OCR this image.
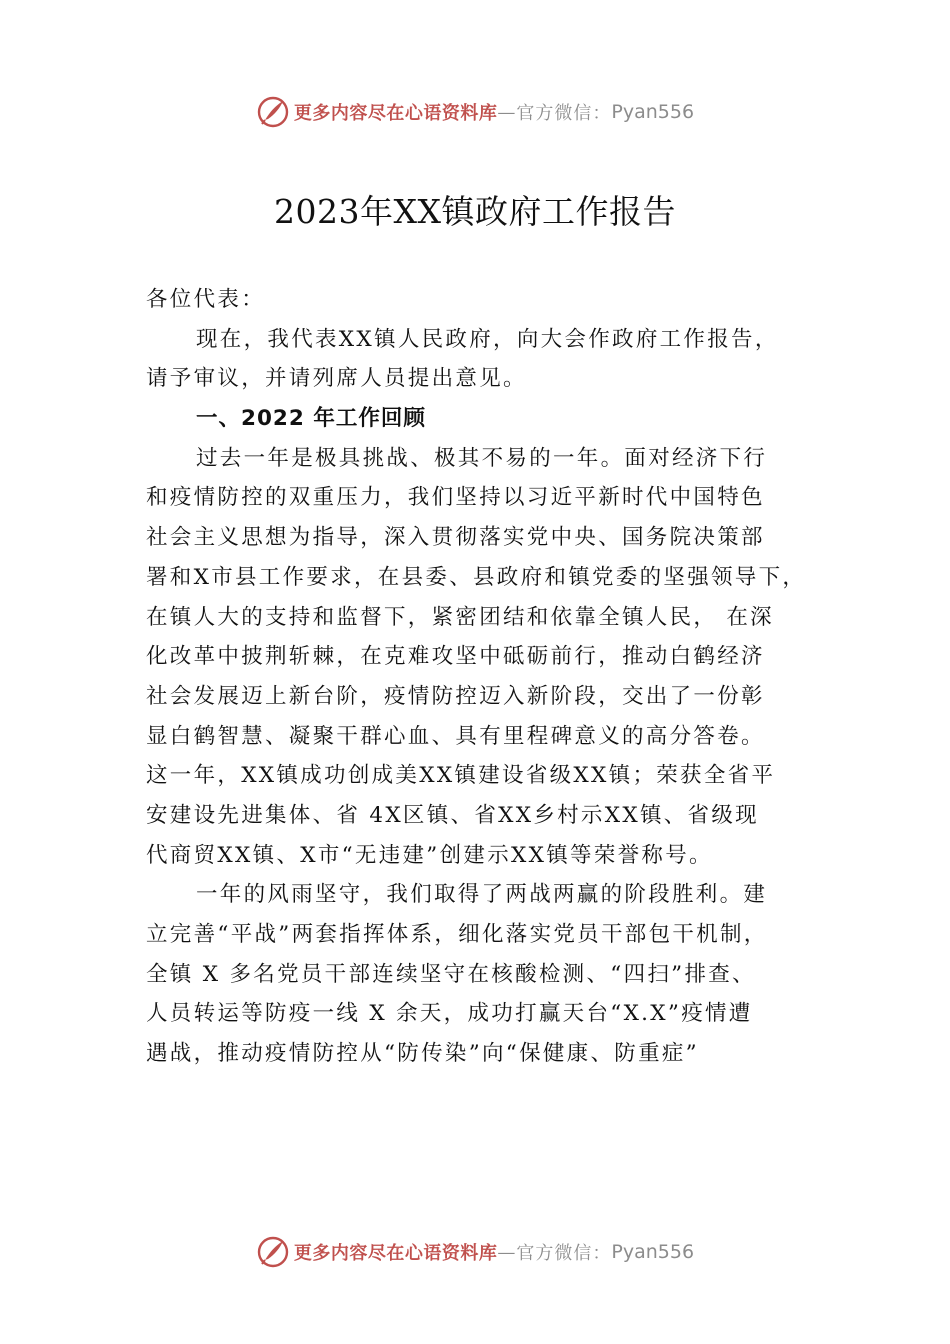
更多内容尽在心语资料库 — 官方微信： Pyan556
2023年XX镇政府工作报告
各位代表：
现在，我代表XX镇人民政府，向大会作政府工作报告，
请予审议，并请列席人员提出意见。
一、2022 年工作回顾
过去一年是极具挑战、极其不易的一年。面对经济下行
和疫情防控的双重压力，我们坚持以习近平新时代中国特色
社会主义思想为指导，深入贯彻落实党中央、国务院决策部
署和X市县工作要求，在县委、县政府和镇党委的坚强领导下，
在镇人大的支持和监督下，紧密团结和依靠全镇人民， 在深
化改革中披荆斩棘，在克难攻坚中砥砺前行，推动白鹤经济
社会发展迈上新台阶，疫情防控迈入新阶段，交出了一份彰
显白鹤智慧、凝聚干群心血、具有里程碑意义的高分答卷。
这一年，XX镇成功创成美XX镇建设省级XX镇；荣获全省平
安建设先进集体、省 4X区镇、省XX乡村示XX镇、省级现
代商贸XX镇、X市“无违建”创建示XX镇等荣誉称号。
一年的风雨坚守，我们取得了两战两赢的阶段胜利。建
立完善“平战”两套指挥体系，细化落实党员干部包干机制，
全镇 X 多名党员干部连续坚守在核酸检测、“四扫”排查、
人员转运等防疫一线 X 余天，成功打赢天台“X.X”疫情遭
遇战，推动疫情防控从“防传染”向“保健康、防重症”
更多内容尽在心语资料库 — 官方微信： Pyan556
